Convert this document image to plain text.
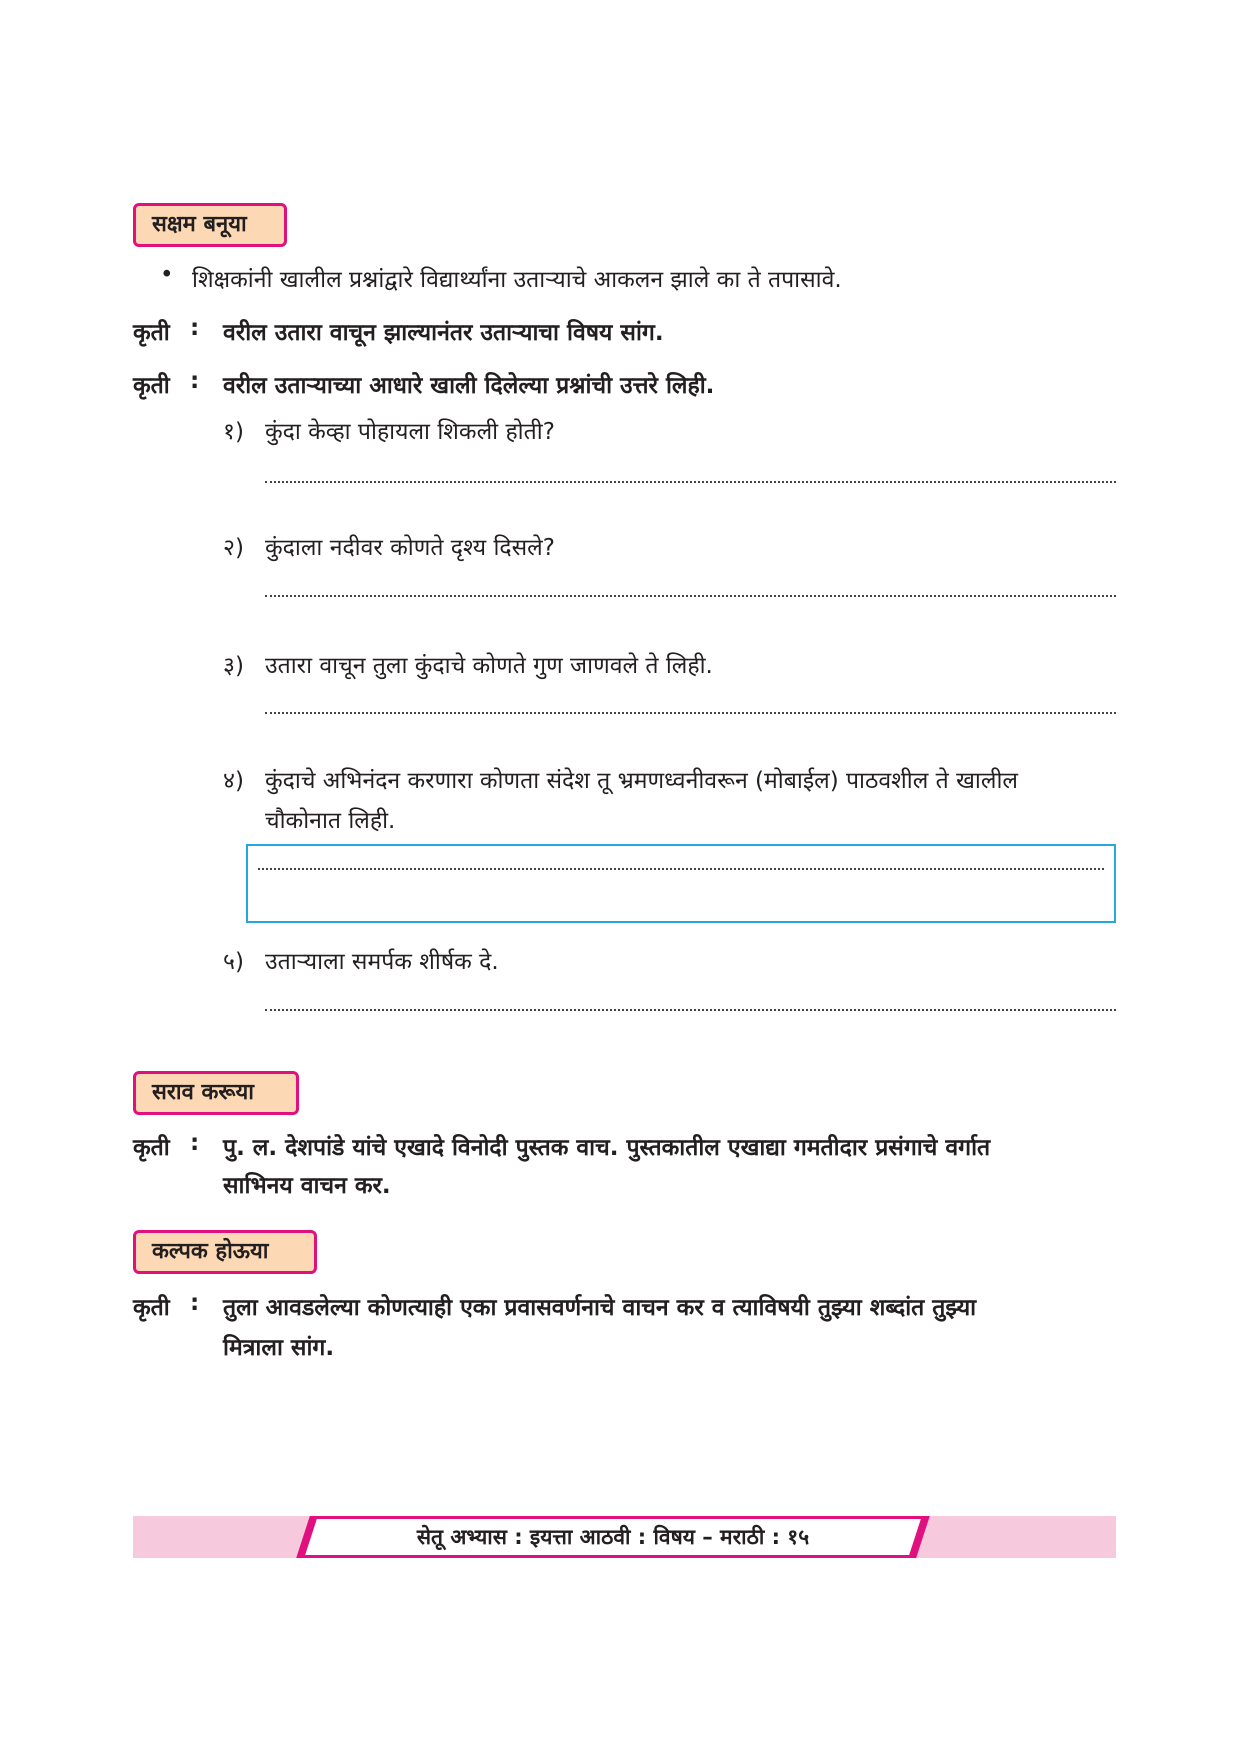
सक्षम बनूया
• शिक्षकांनी खालील प्रश्नांद्वारे विद्यार्थ्यांना उताऱ्याचे आकलन झाले का ते तपासावे.
कृती : वरील उतारा वाचून झाल्यानंतर उताऱ्याचा विषय सांग.
कृती : वरील उताऱ्याच्या आधारे खाली दिलेल्या प्रश्नांची उत्तरे लिही.
१) कुंदा केव्हा पोहायला शिकली होती?
२) कुंदाला नदीवर कोणते दृश्य दिसले?
३) उतारा वाचून तुला कुंदाचे कोणते गुण जाणवले ते लिही.
४) कुंदाचे अभिनंदन करणारा कोणता संदेश तू भ्रमणध्वनीवरून (मोबाईल) पाठवशील ते खालील
चौकोनात लिही.
५) उताऱ्याला समर्पक शीर्षक दे.
सराव करूया
कृती : पु. ल. देशपांडे यांचे एखादे विनोदी पुस्तक वाच. पुस्तकातील एखाद्या गमतीदार प्रसंगाचे वर्गात
साभिनय वाचन कर.
कल्पक होऊया
कृती : तुला आवडलेल्या कोणत्याही एका प्रवासवर्णनाचे वाचन कर व त्याविषयी तुझ्या शब्दांत तुझ्या
मित्राला सांग.
सेतू अभ्यास : इयत्ता आठवी : विषय – मराठी : १५
